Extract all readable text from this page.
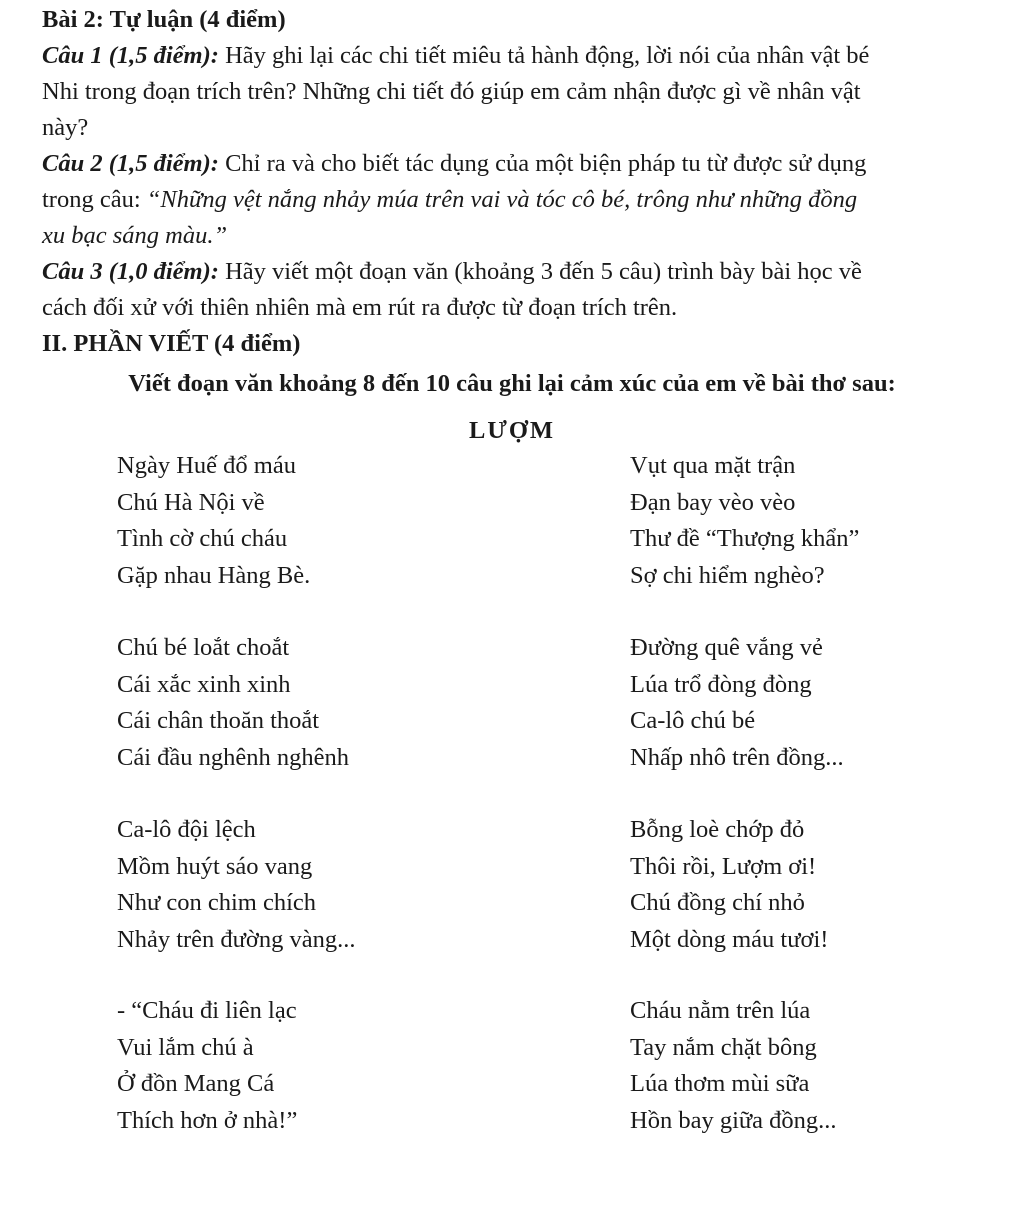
Bài 2: Tự luận (4 điểm)
Câu 1 (1,5 điểm): Hãy ghi lại các chi tiết miêu tả hành động, lời nói của nhân vật bé
Nhi trong đoạn trích trên? Những chi tiết đó giúp em cảm nhận được gì về nhân vật
này?
Câu 2 (1,5 điểm): Chỉ ra và cho biết tác dụng của một biện pháp tu từ được sử dụng
trong câu: “Những vệt nắng nhảy múa trên vai và tóc cô bé, trông như những đồng
xu bạc sáng màu.”
Câu 3 (1,0 điểm): Hãy viết một đoạn văn (khoảng 3 đến 5 câu) trình bày bài học về
cách đối xử với thiên nhiên mà em rút ra được từ đoạn trích trên.
II. PHẦN VIẾT (4 điểm)
Viết đoạn văn khoảng 8 đến 10 câu ghi lại cảm xúc của em về bài thơ sau:
LƯỢM
Ngày Huế đổ máu
Chú Hà Nội về
Tình cờ chú cháu
Gặp nhau Hàng Bè.
Chú bé loắt choắt
Cái xắc xinh xinh
Cái chân thoăn thoắt
Cái đầu nghênh nghênh
Ca-lô đội lệch
Mồm huýt sáo vang
Như con chim chích
Nhảy trên đường vàng...
- “Cháu đi liên lạc
Vui lắm chú à
Ở đồn Mang Cá
Thích hơn ở nhà!”
Vụt qua mặt trận
Đạn bay vèo vèo
Thư đề “Thượng khẩn”
Sợ chi hiểm nghèo?
Đường quê vắng vẻ
Lúa trổ đòng đòng
Ca-lô chú bé
Nhấp nhô trên đồng...
Bỗng loè chớp đỏ
Thôi rồi, Lượm ơi!
Chú đồng chí nhỏ
Một dòng máu tươi!
Cháu nằm trên lúa
Tay nắm chặt bông
Lúa thơm mùi sữa
Hồn bay giữa đồng...
